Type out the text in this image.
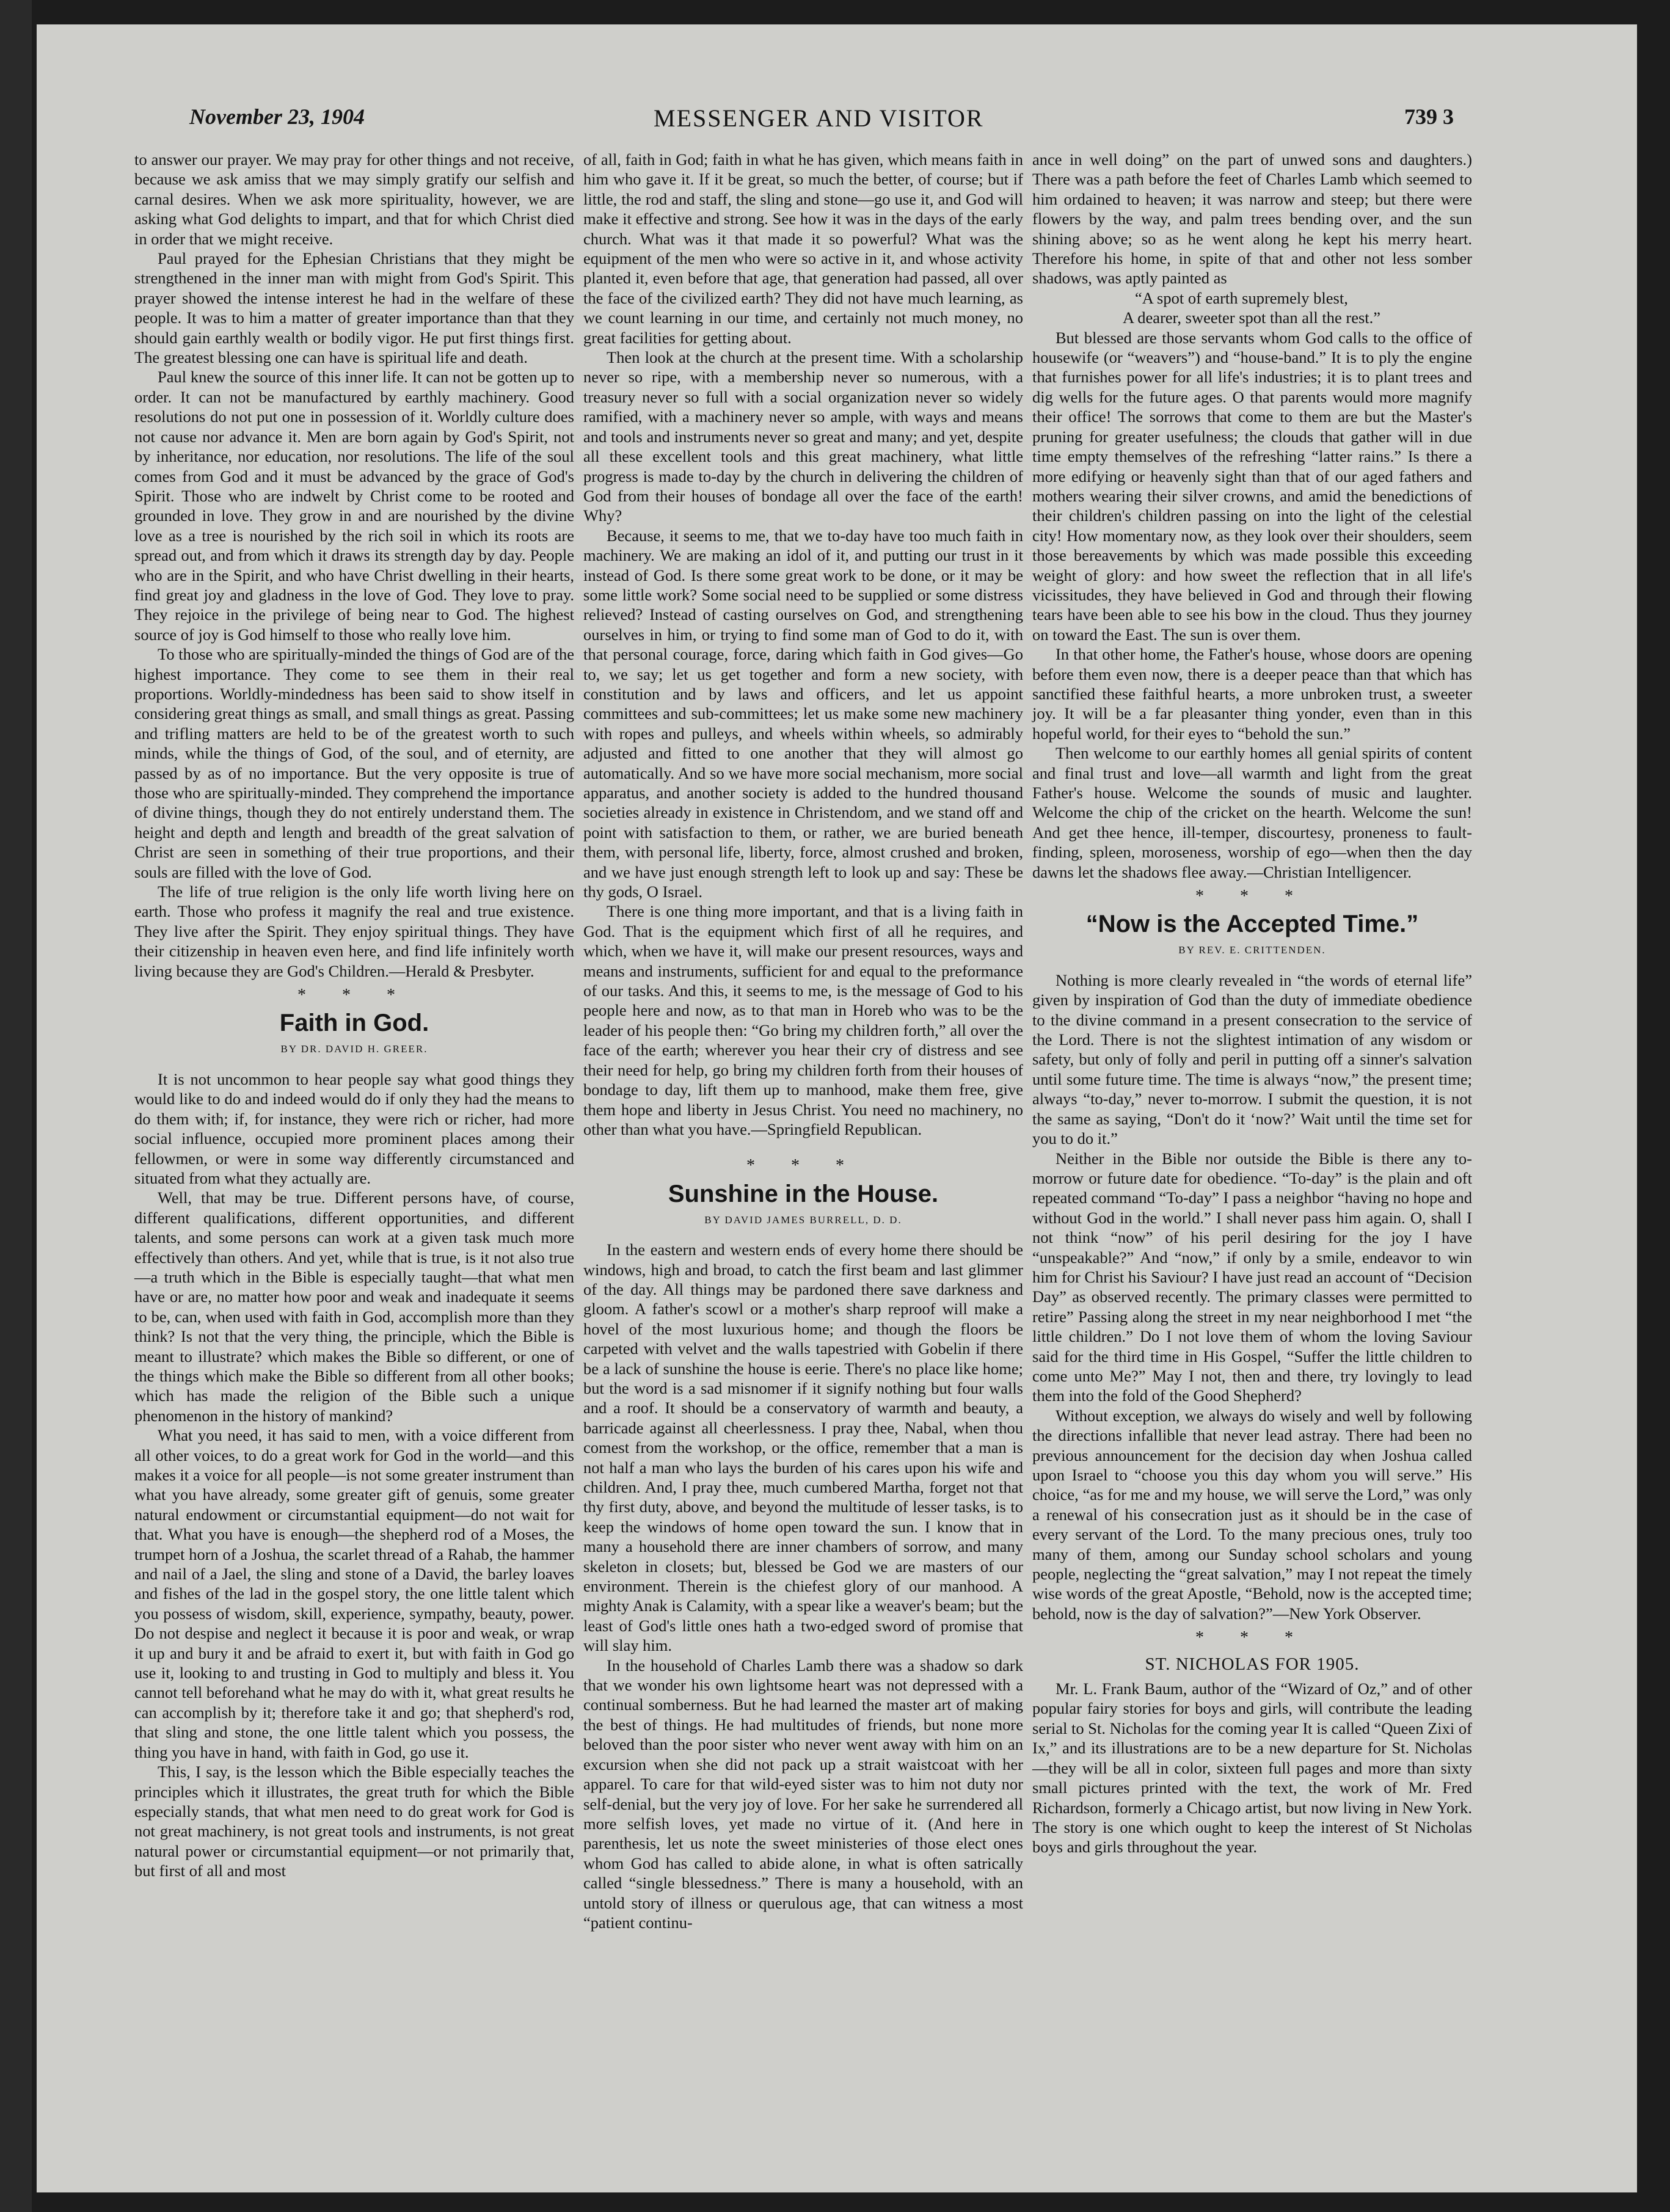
November 23, 1904	MESSENGER AND VISITOR	739 3

to answer our prayer. We may pray for other things and not receive, because we ask amiss that we may simply gratify our selfish and carnal desires. When we ask more spirituality, however, we are asking what God delights to impart, and that for which Christ died in order that we might receive.

Paul prayed for the Ephesian Christians that they might be strengthened in the inner man with might from God's Spirit. This prayer showed the intense interest he had in the welfare of these people. It was to him a matter of greater importance than that they should gain earthly wealth or bodily vigor. He put first things first. The greatest blessing one can have is spiritual life and death.

Paul knew the source of this inner life. It can not be gotten up to order. It can not be manufactured by earthly machinery. Good resolutions do not put one in possession of it. Worldly culture does not cause nor advance it. Men are born again by God's Spirit, not by inheritance, nor education, nor resolutions. The life of the soul comes from God and it must be advanced by the grace of God's Spirit. Those who are indwelt by Christ come to be rooted and grounded in love. They grow in and are nourished by the divine love as a tree is nourished by the rich soil in which its roots are spread out, and from which it draws its strength day by day. People who are in the Spirit, and who have Christ dwelling in their hearts, find great joy and gladness in the love of God. They love to pray. They rejoice in the privilege of being near to God. The highest source of joy is God himself to those who really love him.

To those who are spiritually-minded the things of God are of the highest importance. They come to see them in their real proportions. Worldly-mindedness has been said to show itself in considering great things as small, and small things as great. Passing and trifling matters are held to be of the greatest worth to such minds, while the things of God, of the soul, and of eternity, are passed by as of no importance. But the very opposite is true of those who are spiritually-minded. They comprehend the importance of divine things, though they do not entirely understand them. The height and depth and length and breadth of the great salvation of Christ are seen in something of their true proportions, and their souls are filled with the love of God.

The life of true religion is the only life worth living here on earth. Those who profess it magnify the real and true existence. They live after the Spirit. They enjoy spiritual things. They have their citizenship in heaven even here, and find life infinitely worth living because they are God's Children.—Herald & Presbyter.

* * *
Faith in God.
BY DR. DAVID H. GREER.

It is not uncommon to hear people say what good things they would like to do and indeed would do if only they had the means to do them with; if, for instance, they were rich or richer, had more social influence, occupied more prominent places among their fellowmen, or were in some way differently circumstanced and situated from what they actually are.

Well, that may be true. Different persons have, of course, different qualifications, different opportunities, and different talents, and some persons can work at a given task much more effectively than others. And yet, while that is true, is it not also true—a truth which in the Bible is especially taught—that what men have or are, no matter how poor and weak and inadequate it seems to be, can, when used with faith in God, accomplish more than they think? Is not that the very thing, the principle, which the Bible is meant to illustrate? which makes the Bible so different, or one of the things which make the Bible so different from all other books; which has made the religion of the Bible such a unique phenomenon in the history of mankind?

What you need, it has said to men, with a voice different from all other voices, to do a great work for God in the world—and this makes it a voice for all people—is not some greater instrument than what you have already, some greater gift of genuis, some greater natural endowment or circumstantial equipment—do not wait for that. What you have is enough—the shepherd rod of a Moses, the trumpet horn of a Joshua, the scarlet thread of a Rahab, the hammer and nail of a Jael, the sling and stone of a David, the barley loaves and fishes of the lad in the gospel story, the one little talent which you possess of wisdom, skill, experience, sympathy, beauty, power. Do not despise and neglect it because it is poor and weak, or wrap it up and bury it and be afraid to exert it, but with faith in God go use it, looking to and trusting in God to multiply and bless it. You cannot tell beforehand what he may do with it, what great results he can accomplish by it; therefore take it and go; that shepherd's rod, that sling and stone, the one little talent which you possess, the thing you have in hand, with faith in God, go use it.

This, I say, is the lesson which the Bible especially teaches the principles which it illustrates, the great truth for which the Bible especially stands, that what men need to do great work for God is not great machinery, is not great tools and instruments, is not great natural power or circumstantial equipment—or not primarily that, but first of all and most

of all, faith in God; faith in what he has given, which means faith in him who gave it. If it be great, so much the better, of course; but if little, the rod and staff, the sling and stone—go use it, and God will make it effective and strong. See how it was in the days of the early church. What was it that made it so powerful? What was the equipment of the men who were so active in it, and whose activity planted it, even before that age, that generation had passed, all over the face of the civilized earth? They did not have much learning, as we count learning in our time, and certainly not much money, no great facilities for getting about.

Then look at the church at the present time. With a scholarship never so ripe, with a membership never so numerous, with a treasury never so full with a social organization never so widely ramified, with a machinery never so ample, with ways and means and tools and instruments never so great and many; and yet, despite all these excellent tools and this great machinery, what little progress is made to-day by the church in delivering the children of God from their houses of bondage all over the face of the earth! Why?

Because, it seems to me, that we to-day have too much faith in machinery. We are making an idol of it, and putting our trust in it instead of God. Is there some great work to be done, or it may be some little work? Some social need to be supplied or some distress relieved? Instead of casting ourselves on God, and strengthening ourselves in him, or trying to find some man of God to do it, with that personal courage, force, daring which faith in God gives—Go to, we say; let us get together and form a new society, with constitution and by laws and officers, and let us appoint committees and sub-committees; let us make some new machinery with ropes and pulleys, and wheels within wheels, so admirably adjusted and fitted to one another that they will almost go automatically. And so we have more social mechanism, more social apparatus, and another society is added to the hundred thousand societies already in existence in Christendom, and we stand off and point with satisfaction to them, or rather, we are buried beneath them, with personal life, liberty, force, almost crushed and broken, and we have just enough strength left to look up and say: These be thy gods, O Israel.

There is one thing more important, and that is a living faith in God. That is the equipment which first of all he requires, and which, when we have it, will make our present resources, ways and means and instruments, sufficient for and equal to the preformance of our tasks. And this, it seems to me, is the message of God to his people here and now, as to that man in Horeb who was to be the leader of his people then: “Go bring my children forth,” all over the face of the earth; wherever you hear their cry of distress and see their need for help, go bring my children forth from their houses of bondage to day, lift them up to manhood, make them free, give them hope and liberty in Jesus Christ. You need no machinery, no other than what you have.—Springfield Republican.

* * *
Sunshine in the House.
BY DAVID JAMES BURRELL, D. D.

In the eastern and western ends of every home there should be windows, high and broad, to catch the first beam and last glimmer of the day. All things may be pardoned there save darkness and gloom. A father's scowl or a mother's sharp reproof will make a hovel of the most luxurious home; and though the floors be carpeted with velvet and the walls tapestried with Gobelin if there be a lack of sunshine the house is eerie. There's no place like home; but the word is a sad misnomer if it signify nothing but four walls and a roof. It should be a conservatory of warmth and beauty, a barricade against all cheerlessness. I pray thee, Nabal, when thou comest from the workshop, or the office, remember that a man is not half a man who lays the burden of his cares upon his wife and children. And, I pray thee, much cumbered Martha, forget not that thy first duty, above, and beyond the multitude of lesser tasks, is to keep the windows of home open toward the sun. I know that in many a household there are inner chambers of sorrow, and many skeleton in closets; but, blessed be God we are masters of our environment. Therein is the chiefest glory of our manhood. A mighty Anak is Calamity, with a spear like a weaver's beam; but the least of God's little ones hath a two-edged sword of promise that will slay him.

In the household of Charles Lamb there was a shadow so dark that we wonder his own lightsome heart was not depressed with a continual somberness. But he had learned the master art of making the best of things. He had multitudes of friends, but none more beloved than the poor sister who never went away with him on an excursion when she did not pack up a strait waistcoat with her apparel. To care for that wild-eyed sister was to him not duty nor self-denial, but the very joy of love. For her sake he surrendered all more selfish loves, yet made no virtue of it. (And here in parenthesis, let us note the sweet ministeries of those elect ones whom God has called to abide alone, in what is often satrically called “single blessedness.” There is many a household, with an untold story of illness or querulous age, that can witness a most “patient continu-

ance in well doing” on the part of unwed sons and daughters.) There was a path before the feet of Charles Lamb which seemed to him ordained to heaven; it was narrow and steep; but there were flowers by the way, and palm trees bending over, and the sun shining above; so as he went along he kept his merry heart. Therefore his home, in spite of that and other not less somber shadows, was aptly painted as

“A spot of earth supremely blest,

A dearer, sweeter spot than all the rest.”

But blessed are those servants whom God calls to the office of housewife (or “weavers”) and “house-band.” It is to ply the engine that furnishes power for all life's industries; it is to plant trees and dig wells for the future ages. O that parents would more magnify their office! The sorrows that come to them are but the Master's pruning for greater usefulness; the clouds that gather will in due time empty themselves of the refreshing “latter rains.” Is there a more edifying or heavenly sight than that of our aged fathers and mothers wearing their silver crowns, and amid the benedictions of their children's children passing on into the light of the celestial city! How momentary now, as they look over their shoulders, seem those bereavements by which was made possible this exceeding weight of glory: and how sweet the reflection that in all life's vicissitudes, they have believed in God and through their flowing tears have been able to see his bow in the cloud. Thus they journey on toward the East. The sun is over them.

In that other home, the Father's house, whose doors are opening before them even now, there is a deeper peace than that which has sanctified these faithful hearts, a more unbroken trust, a sweeter joy. It will be a far pleasanter thing yonder, even than in this hopeful world, for their eyes to “behold the sun.”

Then welcome to our earthly homes all genial spirits of content and final trust and love—all warmth and light from the great Father's house. Welcome the sounds of music and laughter. Welcome the chip of the cricket on the hearth. Welcome the sun! And get thee hence, ill-temper, discourtesy, proneness to fault-finding, spleen, moroseness, worship of ego—when then the day dawns let the shadows flee away.—Christian Intelligencer.

* * *
“Now is the Accepted Time.”
BY REV. E. CRITTENDEN.

Nothing is more clearly revealed in “the words of eternal life” given by inspiration of God than the duty of immediate obedience to the divine command in a present consecration to the service of the Lord. There is not the slightest intimation of any wisdom or safety, but only of folly and peril in putting off a sinner's salvation until some future time. The time is always “now,” the present time; always “to-day,” never to-morrow. I submit the question, it is not the same as saying, “Don't do it ‘now?’ Wait until the time set for you to do it.”

Neither in the Bible nor outside the Bible is there any to-morrow or future date for obedience. “To-day” is the plain and oft repeated command “To-day” I pass a neighbor “having no hope and without God in the world.” I shall never pass him again. O, shall I not think “now” of his peril desiring for the joy I have “unspeakable?” And “now,” if only by a smile, endeavor to win him for Christ his Saviour? I have just read an account of “Decision Day” as observed recently. The primary classes were permitted to retire” Passing along the street in my near neighborhood I met “the little children.” Do I not love them of whom the loving Saviour said for the third time in His Gospel, “Suffer the little children to come unto Me?” May I not, then and there, try lovingly to lead them into the fold of the Good Shepherd?

Without exception, we always do wisely and well by following the directions infallible that never lead astray. There had been no previous announcement for the decision day when Joshua called upon Israel to “choose you this day whom you will serve.” His choice, “as for me and my house, we will serve the Lord,” was only a renewal of his consecration just as it should be in the case of every servant of the Lord. To the many precious ones, truly too many of them, among our Sunday school scholars and young people, neglecting the “great salvation,” may I not repeat the timely wise words of the great Apostle, “Behold, now is the accepted time; behold, now is the day of salvation?”—New York Observer.

* * *
ST. NICHOLAS FOR 1905.

Mr. L. Frank Baum, author of the “Wizard of Oz,” and of other popular fairy stories for boys and girls, will contribute the leading serial to St. Nicholas for the coming year It is called “Queen Zixi of Ix,” and its illustrations are to be a new departure for St. Nicholas—they will be all in color, sixteen full pages and more than sixty small pictures printed with the text, the work of Mr. Fred Richardson, formerly a Chicago artist, but now living in New York. The story is one which ought to keep the interest of St Nicholas boys and girls throughout the year.
